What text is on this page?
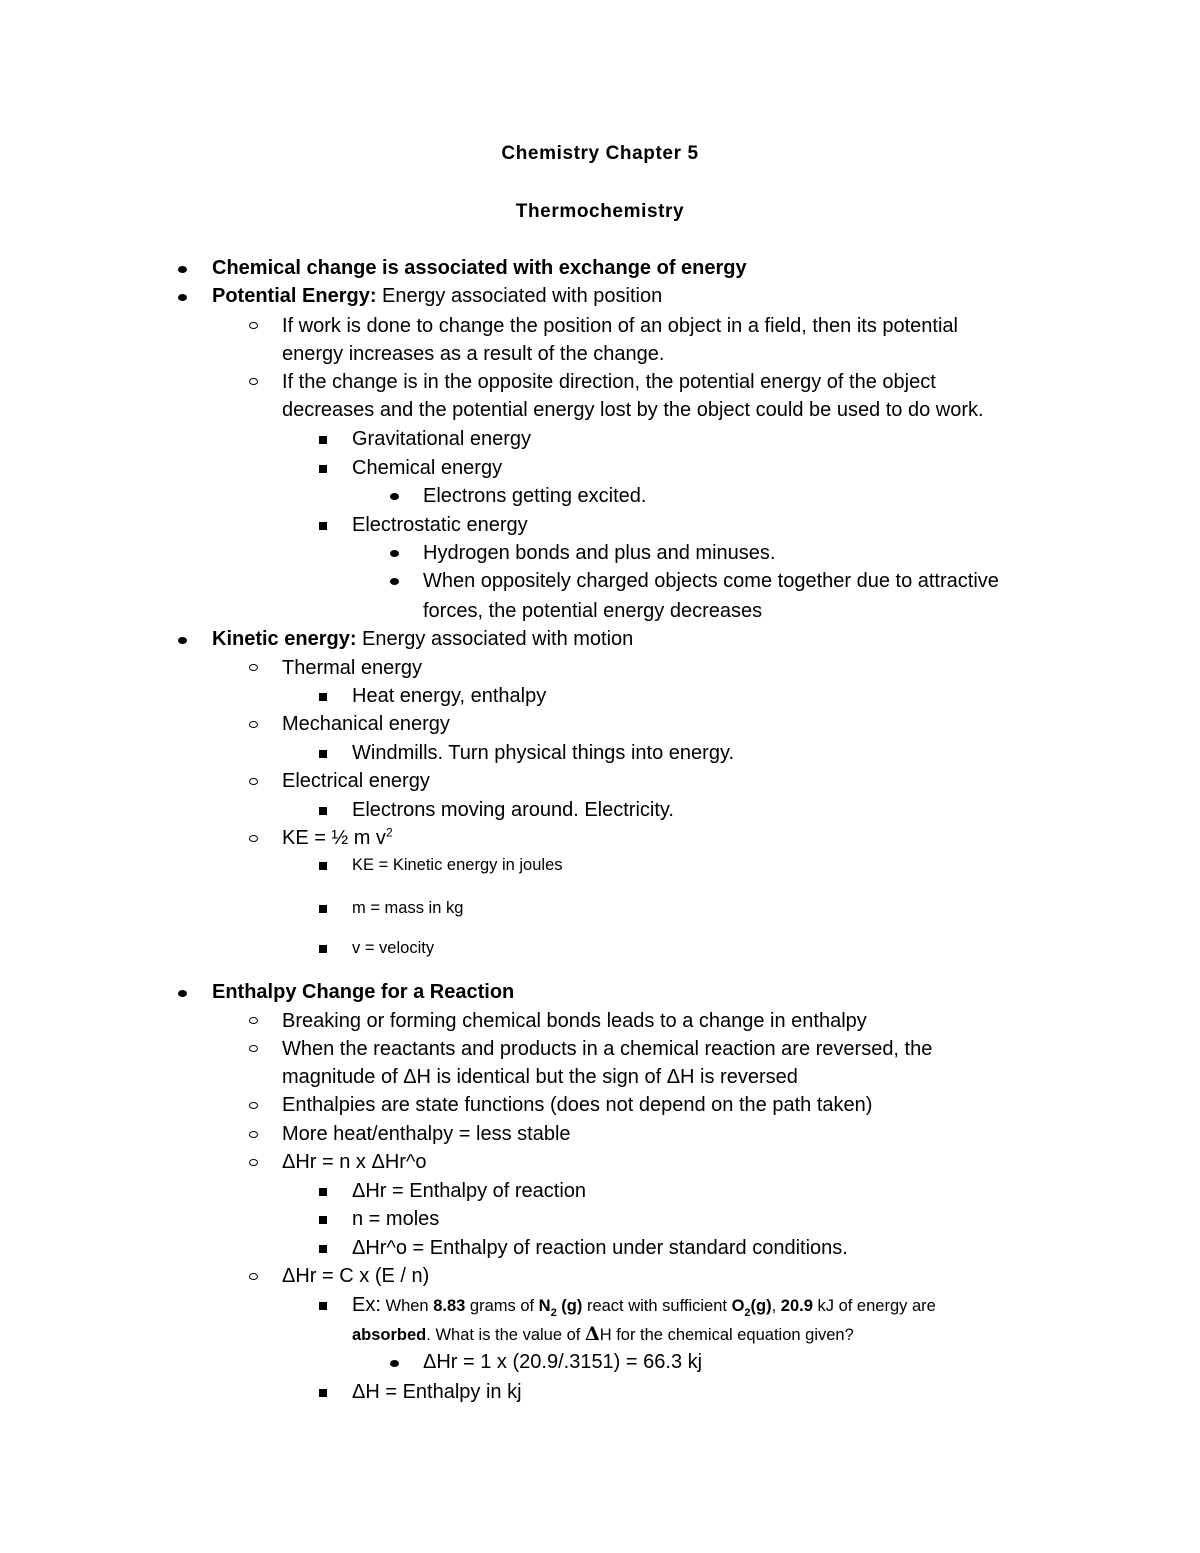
Chemistry Chapter 5
Thermochemistry
Chemical change is associated with exchange of energy
Potential Energy: Energy associated with position
If work is done to change the position of an object in a field, then its potential
energy increases as a result of the change.
If the change is in the opposite direction, the potential energy of the object
decreases and the potential energy lost by the object could be used to do work.
Gravitational energy
Chemical energy
Electrons getting excited.
Electrostatic energy
Hydrogen bonds and plus and minuses.
When oppositely charged objects come together due to attractive
forces, the potential energy decreases
Kinetic energy: Energy associated with motion
Thermal energy
Heat energy, enthalpy
Mechanical energy
Windmills. Turn physical things into energy.
Electrical energy
Electrons moving around. Electricity.
KE = ½ m $v^2$
KE = Kinetic energy in joules
m = mass in kg
v = velocity
Enthalpy Change for a Reaction
Breaking or forming chemical bonds leads to a change in enthalpy
When the reactants and products in a chemical reaction are reversed, the
magnitude of ΔH is identical but the sign of ΔH is reversed
Enthalpies are state functions (does not depend on the path taken)
More heat/enthalpy = less stable
ΔHr = n x ΔHr^o
ΔHr = Enthalpy of reaction
n = moles
ΔHr^o = Enthalpy of reaction under standard conditions.
ΔHr = C x (E / n)
Ex: When 8.83 grams of $N_2$ (g) react with sufficient $O_2(g)$, 20.9 kJ of energy are
absorbed. What is the value of ΔH for the chemical equation given?
ΔHr = 1 x (20.9/.3151) = 66.3 kj
ΔH = Enthalpy in kj
